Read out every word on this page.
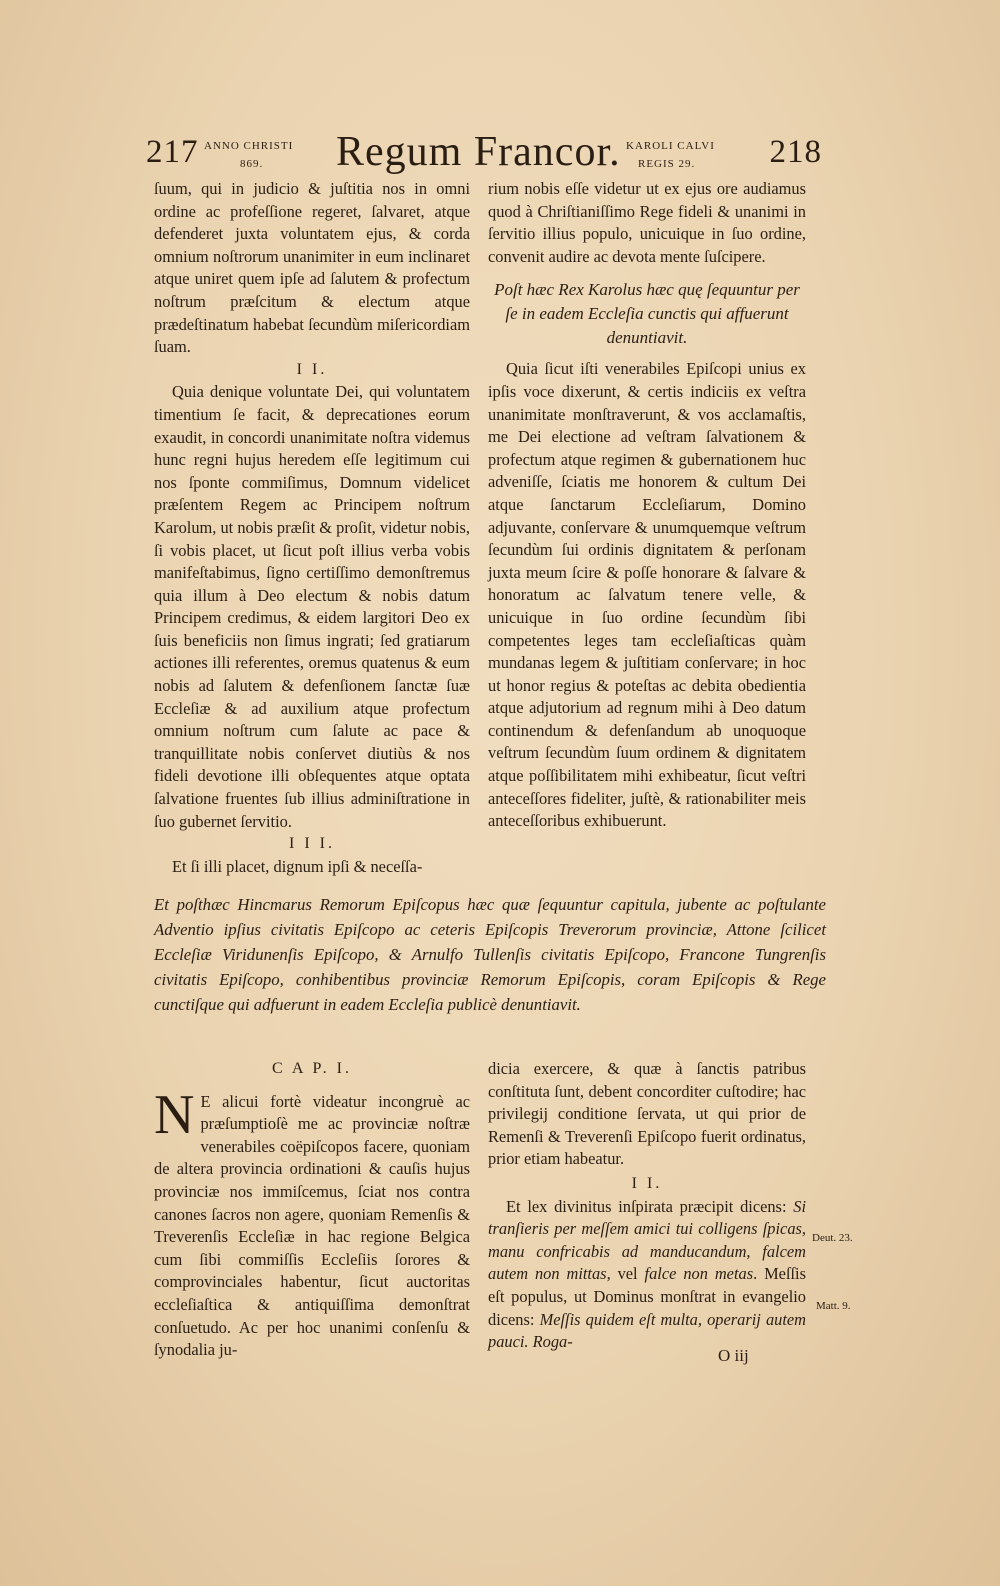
217 ANNO CHRISTI
869. Regum Francor. KAROLI CALVI
REGIS 29. 218

ſuum, qui in judicio & juſtitia nos in omni ordine ac profeſſione regeret, ſalvaret, atque defenderet juxta voluntatem ejus, & corda omnium noſtrorum unanimiter in eum inclinaret atque uniret quem ipſe ad ſalutem & profectum noſtrum præſcitum & electum atque prædeſtinatum habebat ſecundùm miſericordiam ſuam.

I I.

Quia denique voluntate Dei, qui voluntatem timentium ſe facit, & deprecationes eorum exaudit, in concordi unanimitate noſtra videmus hunc regni hujus heredem eſſe legitimum cui nos ſponte commiſimus, Domnum videlicet præſentem Regem ac Principem noſtrum Karolum, ut nobis præſit & proſit, videtur nobis, ſi vobis placet, ut ſicut poſt illius verba vobis manifeſtabimus, ſigno certiſſimo demonſtremus quia illum à Deo electum & nobis datum Principem credimus, & eidem largitori Deo ex ſuis beneficiis non ſimus ingrati; ſed gratiarum actiones illi referentes, oremus quatenus & eum nobis ad ſalutem & defenſionem ſanctæ ſuæ Eccleſiæ & ad auxilium atque profectum omnium noſtrum cum ſalute ac pace & tranquillitate nobis conſervet diutiùs & nos fideli devotione illi obſequentes atque optata ſalvatione fruentes ſub illius adminiſtratione in ſuo gubernet ſervitio.

I I I.

Et ſi illi placet, dignum ipſi & neceſſa-

rium nobis eſſe videtur ut ex ejus ore audiamus quod à Chriſtianiſſimo Rege fideli & unanimi in ſervitio illius populo, unicuique in ſuo ordine, convenit audire ac devota mente ſuſcipere.

Poſt hæc Rex Karolus hæc quę ſequuntur per ſe in eadem Eccleſia cunctis qui affuerunt denuntiavit.

Quia ſicut iſti venerabiles Epiſcopi unius ex ipſis voce dixerunt, & certis indiciis ex veſtra unanimitate monſtraverunt, & vos acclamaſtis, me Dei electione ad veſtram ſalvationem & profectum atque regimen & gubernationem huc adveniſſe, ſciatis me honorem & cultum Dei atque ſanctarum Eccleſiarum, Domino adjuvante, conſervare & unumquemque veſtrum ſecundùm ſui ordinis dignitatem & perſonam juxta meum ſcire & poſſe honorare & ſalvare & honoratum ac ſalvatum tenere velle, & unicuique in ſuo ordine ſecundùm ſibi competentes leges tam eccleſiaſticas quàm mundanas legem & juſtitiam conſervare; in hoc ut honor regius & poteſtas ac debita obedientia atque adjutorium ad regnum mihi à Deo datum continendum & defenſandum ab unoquoque veſtrum ſecundùm ſuum ordinem & dignitatem atque poſſibilitatem mihi exhibeatur, ſicut veſtri anteceſſores fideliter, juſtè, & rationabiliter meis anteceſſoribus exhibuerunt.

Et poſthæc Hincmarus Remorum Epiſcopus hæc quæ ſequuntur capitula, jubente ac poſtulante Adventio ipſius civitatis Epiſcopo ac ceteris Epiſcopis Treverorum provinciæ, Attone ſcilicet Eccleſiæ Viridunenſis Epiſcopo, & Arnulfo Tullenſis civitatis Epiſcopo, Francone Tungrenſis civitatis Epiſcopo, conhibentibus provinciæ Remorum Epiſcopis, coram Epiſcopis & Rege cunctiſque qui adfuerunt in eadem Eccleſia publicè denuntiavit.

C A P. I.

N E alicui fortè videatur incongruè ac præſumptioſè me ac provinciæ noſtræ venerabiles coëpiſcopos facere, quoniam de altera provincia ordinationi & cauſis hujus provinciæ nos immiſcemus, ſciat nos contra canones ſacros non agere, quoniam Remenſis & Treverenſis Eccleſiæ in hac regione Belgica cum ſibi commiſſis Eccleſiis ſorores & comprovinciales habentur, ſicut auctoritas eccleſiaſtica & antiquiſſima demonſtrat conſuetudo. Ac per hoc unanimi conſenſu & ſynodalia ju-

dicia exercere, & quæ à ſanctis patribus conſtituta ſunt, debent concorditer cuſtodire; hac privilegij conditione ſervata, ut qui prior de Remenſi & Treverenſi Epiſcopo fuerit ordinatus, prior etiam habeatur.

I I.

Et lex divinitus inſpirata præcipit dicens: Si tranſieris per meſſem amici tui colligens ſpicas, manu confricabis ad manducandum, falcem autem non mittas, vel falce non metas. Meſſis eſt populus, ut Dominus monſtrat in evangelio dicens: Meſſis quidem eſt multa, operarij autem pauci. Roga-

Deut. 23.
Matt. 9.
O iij
